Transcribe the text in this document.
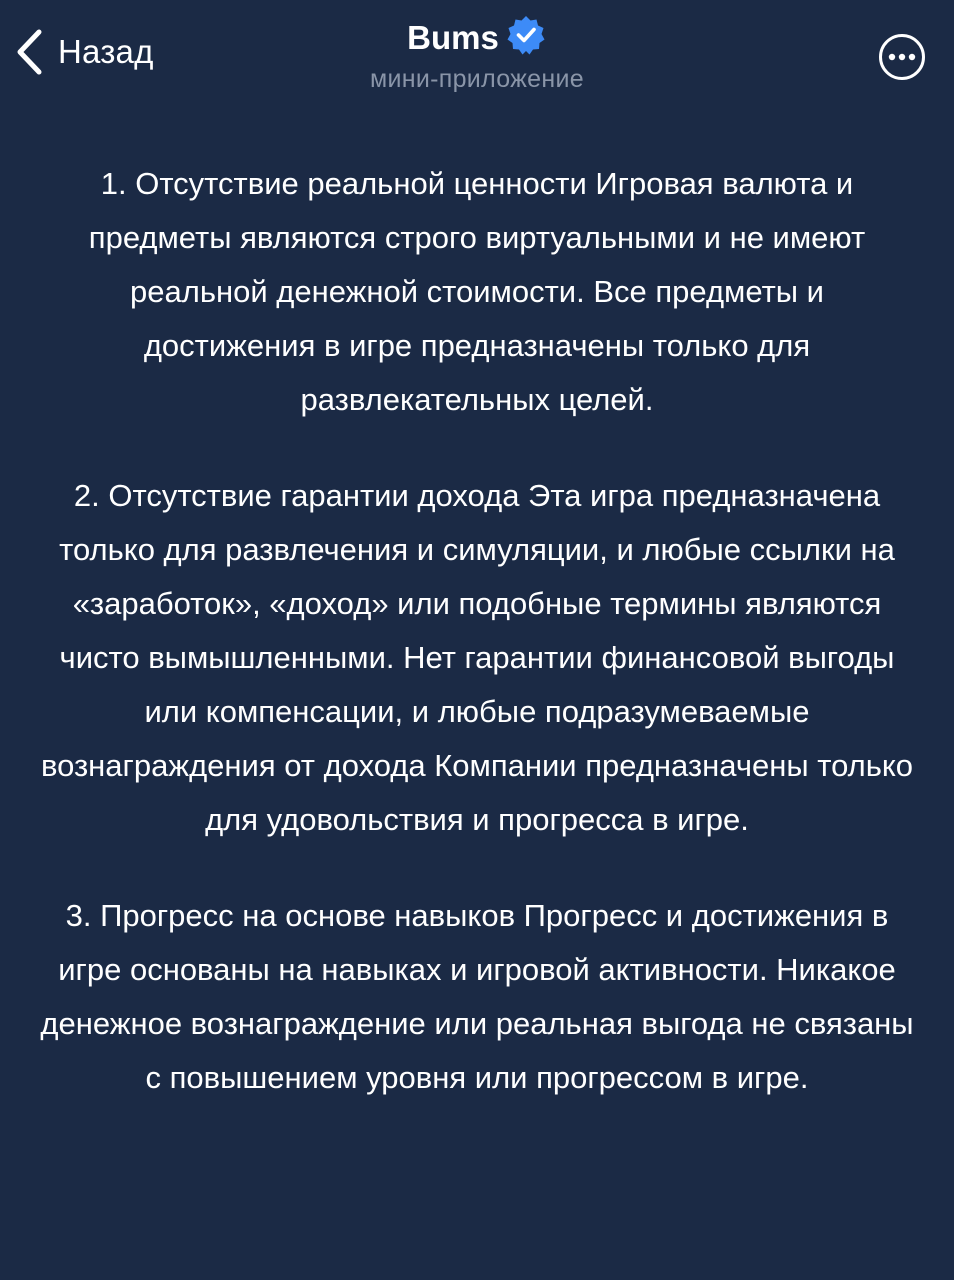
Назад	Bums
мини-приложение

1. Отсутствие реальной ценности Игровая валюта и предметы являются строго виртуальными и не имеют реальной денежной стоимости. Все предметы и достижения в игре предназначены только для развлекательных целей.

2. Отсутствие гарантии дохода Эта игра предназначена только для развлечения и симуляции, и любые ссылки на «заработок», «доход» или подобные термины являются чисто вымышленными. Нет гарантии финансовой выгоды или компенсации, и любые подразумеваемые вознаграждения от дохода Компании предназначены только для удовольствия и прогресса в игре.

3. Прогресс на основе навыков Прогресс и достижения в игре основаны на навыках и игровой активности. Никакое денежное вознаграждение или реальная выгода не связаны с повышением уровня или прогрессом в игре.
